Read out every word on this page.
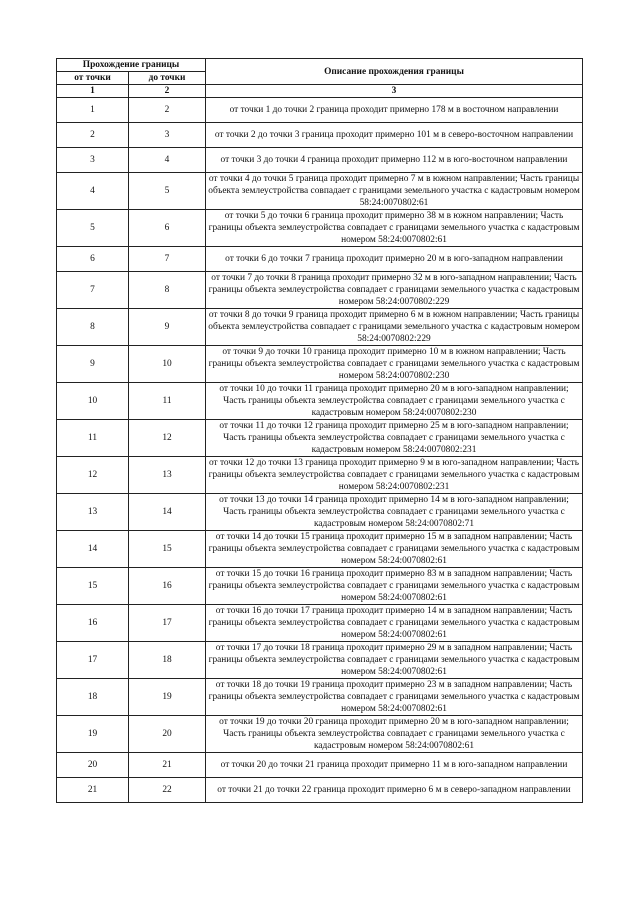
Прохождение границы		Описание прохождения границы
от точки	до точки	
1	2	3
1	2	от точки 1 до точки 2 граница проходит примерно 178 м в восточном направлении
2	3	от точки 2 до точки 3 граница проходит примерно 101 м в северо-восточном направлении
3	4	от точки 3 до точки 4 граница проходит примерно 112 м в юго-восточном направлении
4	5	от точки 4 до точки 5 граница проходит примерно 7 м в южном направлении; Часть границы объекта землеустройства совпадает с границами земельного участка с кадастровым номером 58:24:0070802:61
5	6	от точки 5 до точки 6 граница проходит примерно 38 м в южном направлении; Часть границы объекта землеустройства совпадает с границами земельного участка с кадастровым номером 58:24:0070802:61
6	7	от точки 6 до точки 7 граница проходит примерно 20 м в юго-западном направлении
7	8	от точки 7 до точки 8 граница проходит примерно 32 м в юго-западном направлении; Часть границы объекта землеустройства совпадает с границами земельного участка с кадастровым номером 58:24:0070802:229
8	9	от точки 8 до точки 9 граница проходит примерно 6 м в южном направлении; Часть границы объекта землеустройства совпадает с границами земельного участка с кадастровым номером 58:24:0070802:229
9	10	от точки 9 до точки 10 граница проходит примерно 10 м в южном направлении; Часть границы объекта землеустройства совпадает с границами земельного участка с кадастровым номером 58:24:0070802:230
10	11	от точки 10 до точки 11 граница проходит примерно 20 м в юго-западном направлении; Часть границы объекта землеустройства совпадает с границами земельного участка с кадастровым номером 58:24:0070802:230
11	12	от точки 11 до точки 12 граница проходит примерно 25 м в юго-западном направлении; Часть границы объекта землеустройства совпадает с границами земельного участка с кадастровым номером 58:24:0070802:231
12	13	от точки 12 до точки 13 граница проходит примерно 9 м в юго-западном направлении; Часть границы объекта землеустройства совпадает с границами земельного участка с кадастровым номером 58:24:0070802:231
13	14	от точки 13 до точки 14 граница проходит примерно 14 м в юго-западном направлении; Часть границы объекта землеустройства совпадает с границами земельного участка с кадастровым номером 58:24:0070802:71
14	15	от точки 14 до точки 15 граница проходит примерно 15 м в западном направлении; Часть границы объекта землеустройства совпадает с границами земельного участка с кадастровым номером 58:24:0070802:61
15	16	от точки 15 до точки 16 граница проходит примерно 83 м в западном направлении; Часть границы объекта землеустройства совпадает с границами земельного участка с кадастровым номером 58:24:0070802:61
16	17	от точки 16 до точки 17 граница проходит примерно 14 м в западном направлении; Часть границы объекта землеустройства совпадает с границами земельного участка с кадастровым номером 58:24:0070802:61
17	18	от точки 17 до точки 18 граница проходит примерно 29 м в западном направлении; Часть границы объекта землеустройства совпадает с границами земельного участка с кадастровым номером 58:24:0070802:61
18	19	от точки 18 до точки 19 граница проходит примерно 23 м в западном направлении; Часть границы объекта землеустройства совпадает с границами земельного участка с кадастровым номером 58:24:0070802:61
19	20	от точки 19 до точки 20 граница проходит примерно 20 м в юго-западном направлении; Часть границы объекта землеустройства совпадает с границами земельного участка с кадастровым номером 58:24:0070802:61
20	21	от точки 20 до точки 21 граница проходит примерно 11 м в юго-западном направлении
21	22	от точки 21 до точки 22 граница проходит примерно 6 м в северо-западном направлении
